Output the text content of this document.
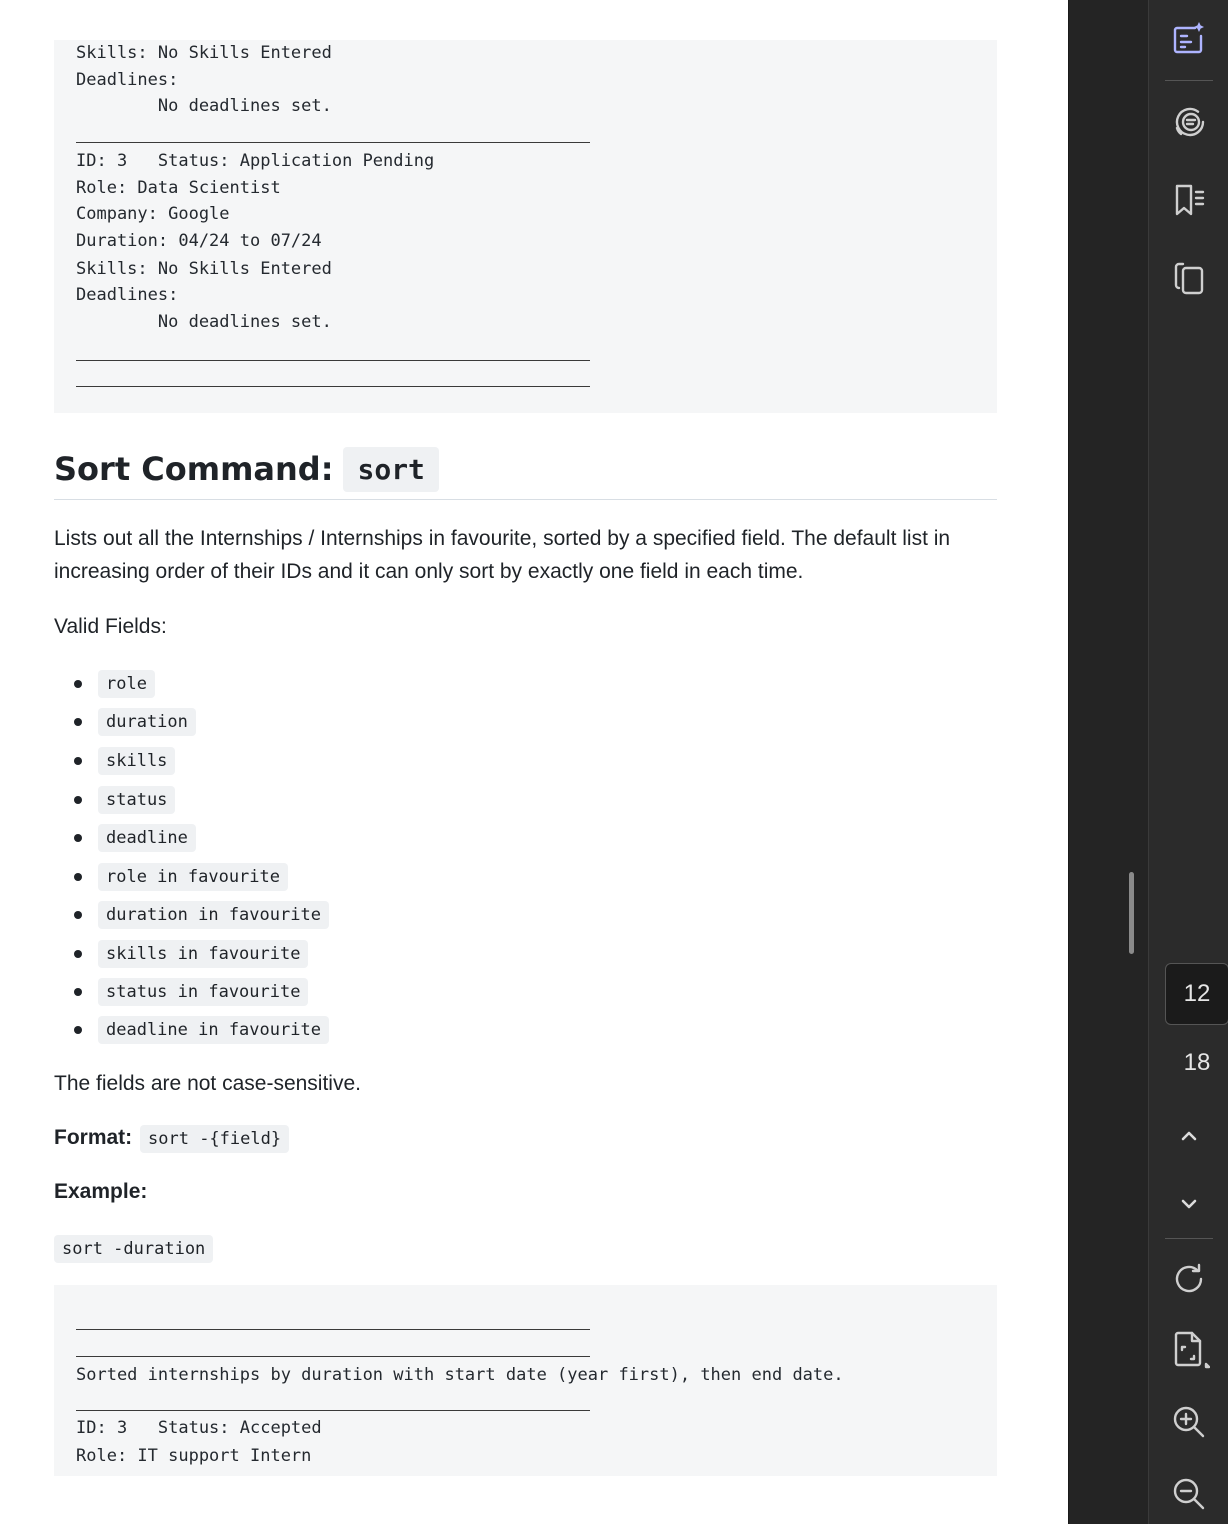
Skills: No Skills Entered
Deadlines:
No deadlines set.
ID: 3   Status: Application Pending
Role: Data Scientist
Company: Google
Duration: 04/24 to 07/24
Skills: No Skills Entered
Deadlines:
No deadlines set.
Sort Command: sort
Lists out all the Internships / Internships in favourite, sorted by a specified field. The default list in increasing order of their IDs and it can only sort by exactly one field in each time.
Valid Fields:
role
duration
skills
status
deadline
role in favourite
duration in favourite
skills in favourite
status in favourite
deadline in favourite
The fields are not case-sensitive.
Format: sort -{field}
Example:
sort -duration
Sorted internships by duration with start date (year first), then end date.
ID: 3   Status: Accepted
Role: IT support Intern
12
18
